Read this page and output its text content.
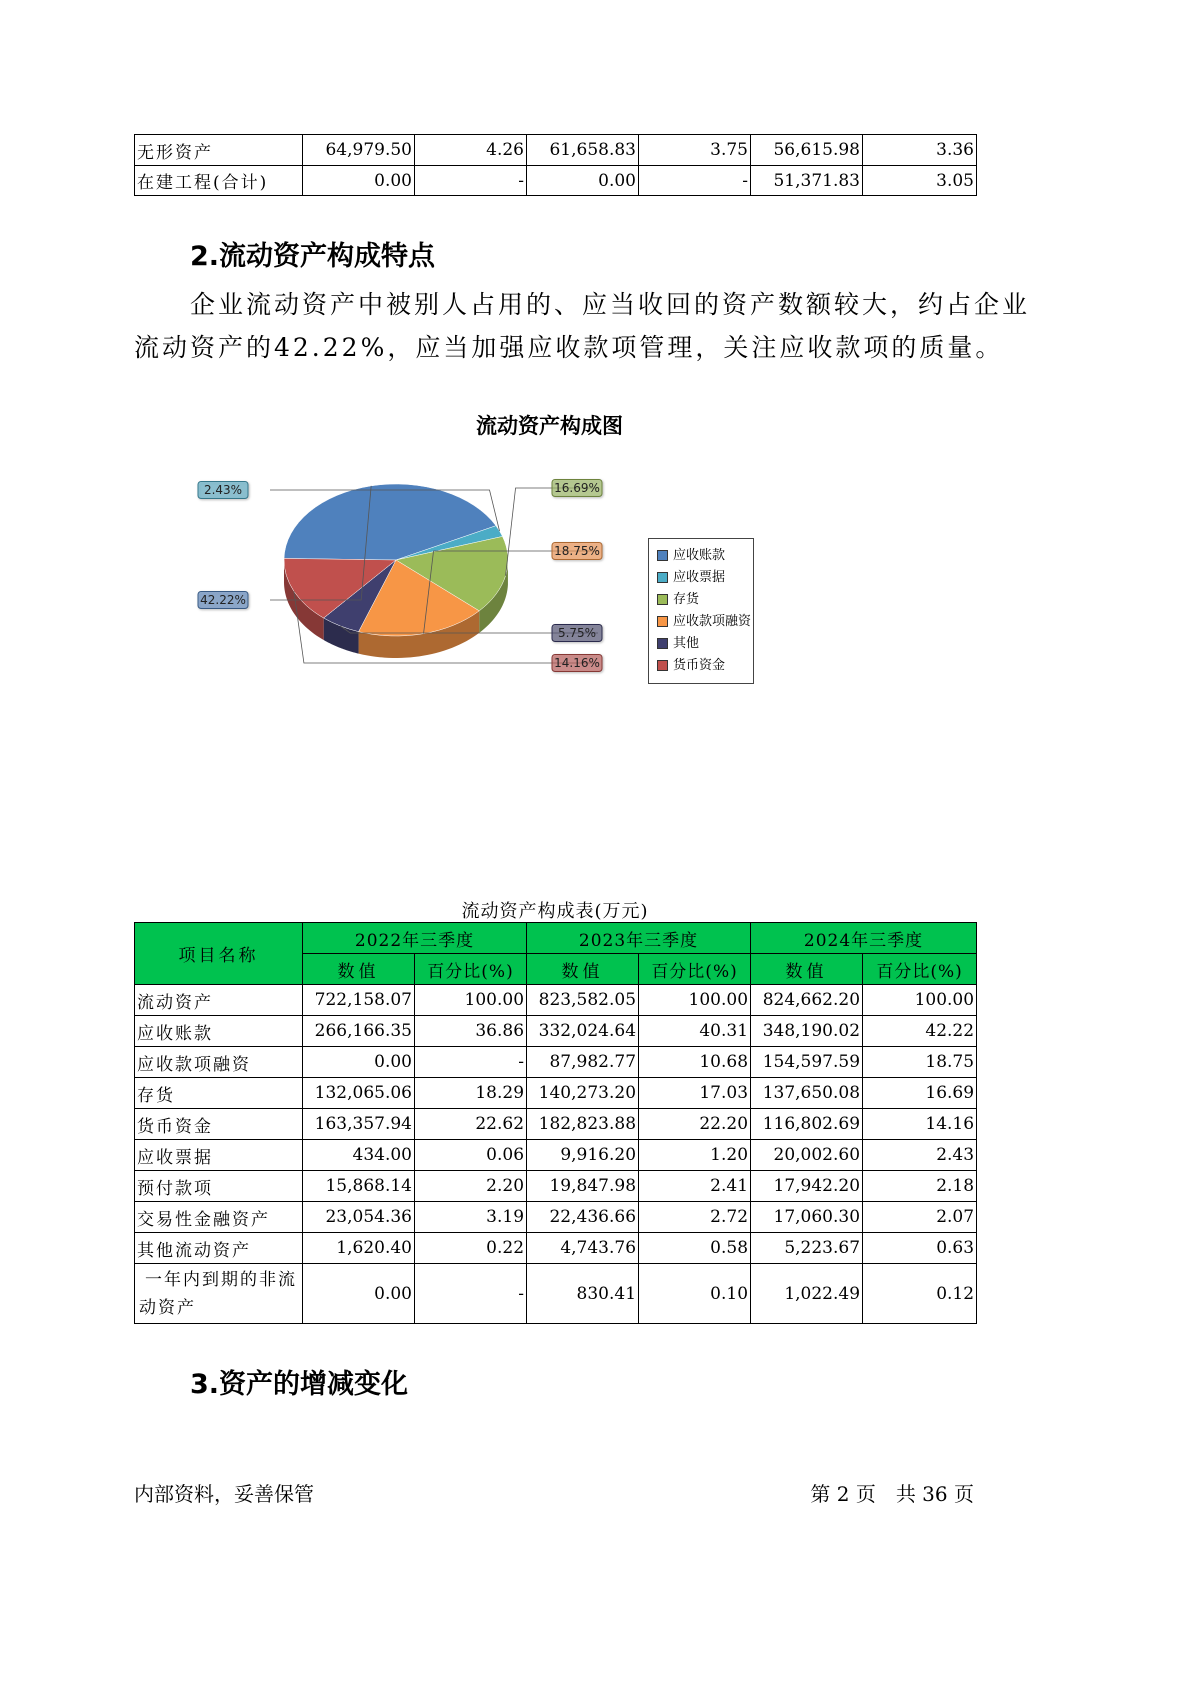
无形资产	64,979.50	4.26	61,658.83	3.75	56,615.98	3.36
在建工程(合计)	0.00	-	0.00	-	51,371.83	3.05
2.流动资产构成特点

企业流动资产中被别人占用的、应当收回的资产数额较大，约占企业

流动资产的42.22%，应当加强应收款项管理，关注应收款项的质量。

流动资产构成图
42.22%
2.43%	16.69%
18.75%
5.75%
14.16%
应收账款
应收票据
存货
应收款项融资
其他
货币资金
流动资产构成表(万元)
项目名称	2022年三季度		2023年三季度		2024年三季度	
	数值	百分比(%)	数值	百分比(%)	数值	百分比(%)
流动资产	722,158.07	100.00	823,582.05	100.00	824,662.20	100.00
应收账款	266,166.35	36.86	332,024.64	40.31	348,190.02	42.22
应收款项融资	0.00	-	87,982.77	10.68	154,597.59	18.75
存货	132,065.06	18.29	140,273.20	17.03	137,650.08	16.69
货币资金	163,357.94	22.62	182,823.88	22.20	116,802.69	14.16
应收票据	434.00	0.06	9,916.20	1.20	20,002.60	2.43
预付款项	15,868.14	2.20	19,847.98	2.41	17,942.20	2.18
交易性金融资产	23,054.36	3.19	22,436.66	2.72	17,060.30	2.07
其他流动资产	1,620.40	0.22	4,743.76	0.58	5,223.67	0.63

一年内到期的非流
动资产	0.00	-	830.41	0.10	1,022.49	0.12
3.资产的增减变化
内部资料，妥善保管	第 2 页　共 36 页
